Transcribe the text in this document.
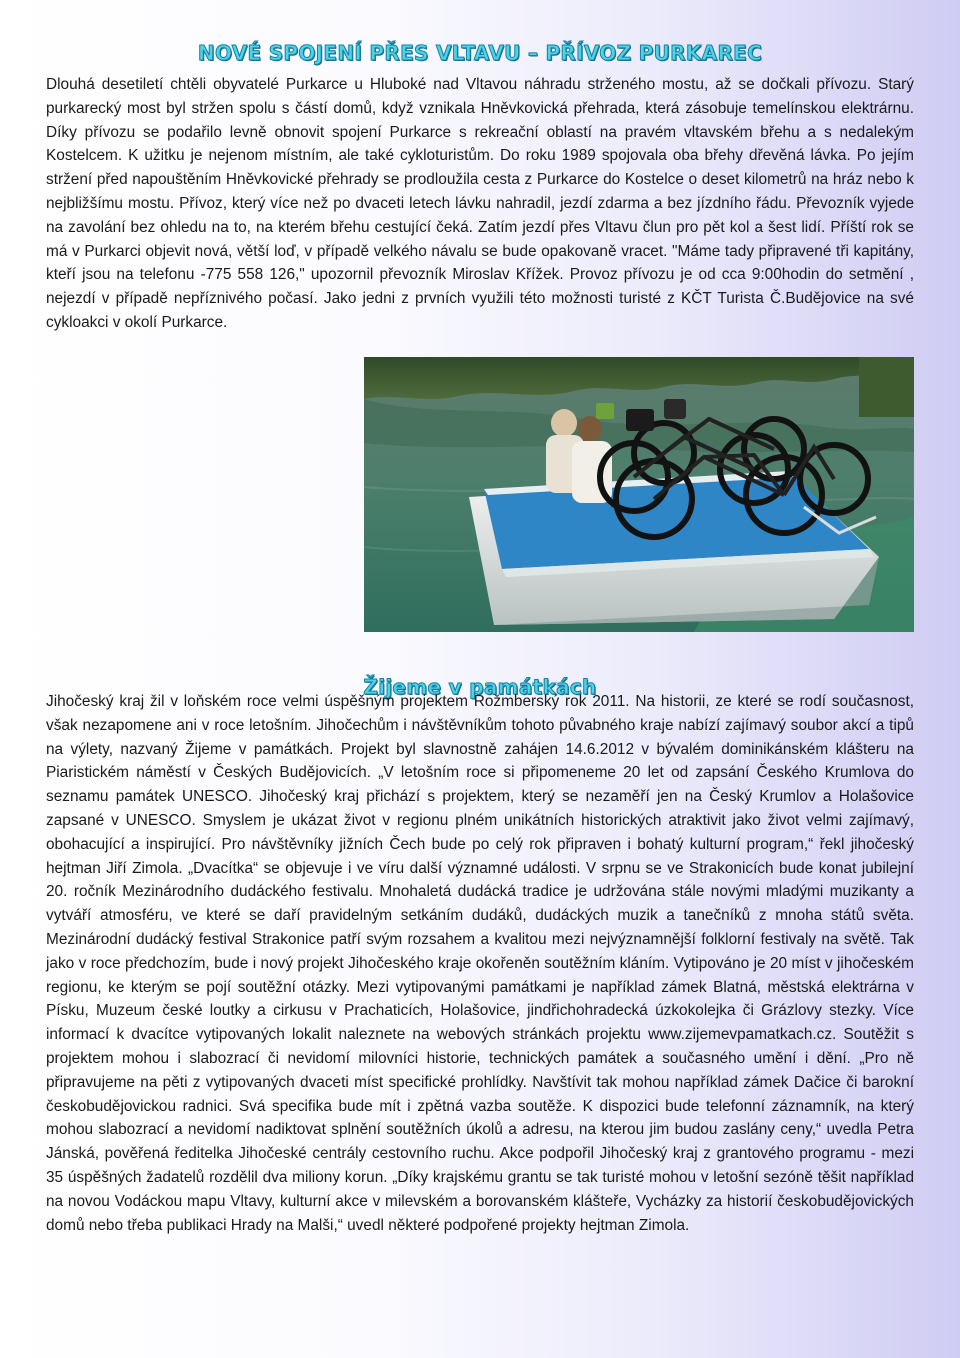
NOVÉ SPOJENÍ PŘES VLTAVU – PŘÍVOZ PURKAREC

Dlouhá desetiletí chtěli obyvatelé Purkarce u Hluboké nad Vltavou náhradu strženého mostu, až se dočkali přívozu. Starý purkarecký most byl stržen spolu s částí domů, když vznikala Hněvkovická přehrada, která zásobuje temelínskou elektrárnu. Díky přívozu se podařilo levně obnovit spojení Purkarce s rekreační oblastí na pravém vltavském břehu a s nedalekým Kostelcem. K užitku je nejenom místním, ale také cykloturistům. Do roku 1989 spojovala oba břehy dřevěná lávka. Po jejím stržení před napouštěním Hněvkovické přehrady se prodloužila cesta z Purkarce do Kostelce o deset kilometrů na hráz nebo k nejbližšímu mostu. Přívoz, který více než po dvaceti letech lávku nahradil, jezdí zdarma a bez jízdního řádu. Převozník vyjede na zavolání bez ohledu na to, na kterém břehu cestující čeká. Zatím jezdí přes Vltavu člun pro pět kol a šest lidí. Příští rok se má v Purkarci objevit nová, větší loď, v případě velkého návalu se bude opakovaně vracet. "Máme tady připravené tři kapitány, kteří jsou na telefonu -775 558 126," upozornil převozník Miroslav Křížek. Provoz přívozu je od cca 9:00hodin do setmění , nejezdí v případě nepříznivého počasí. Jako jedni z prvních využili této možnosti turisté z KČT Turista Č.Budějovice na své cykloakci v okolí Purkarce.

Žijeme v památkách

Jihočeský kraj žil v loňském roce velmi úspěšným projektem Rožmberský rok 2011. Na historii, ze které se rodí současnost, však nezapomene ani v roce letošním. Jihočechům i návštěvníkům tohoto půvabného kraje nabízí zajímavý soubor akcí a tipů na výlety, nazvaný Žijeme v památkách. Projekt byl slavnostně zahájen 14.6.2012 v bývalém dominikánském klášteru na Piaristickém náměstí v Českých Budějovicích. „V letošním roce si připomeneme 20 let od zapsání Českého Krumlova do seznamu památek UNESCO. Jihočeský kraj přichází s projektem, který se nezaměří jen na Český Krumlov a Holašovice zapsané v UNESCO. Smyslem je ukázat život v regionu plném unikátních historických atraktivit jako život velmi zajímavý, obohacující a inspirující. Pro návštěvníky jižních Čech bude po celý rok připraven i bohatý kulturní program,“ řekl jihočeský hejtman Jiří Zimola. „Dvacítka“ se objevuje i ve víru další významné události. V srpnu se ve Strakonicích bude konat jubilejní 20. ročník Mezinárodního dudáckého festivalu. Mnohaletá dudácká tradice je udržována stále novými mladými muzikanty a vytváří atmosféru, ve které se daří pravidelným setkáním dudáků, dudáckých muzik a tanečníků z mnoha států světa. Mezinárodní dudácký festival Strakonice patří svým rozsahem a kvalitou mezi nejvýznamnější folklorní festivaly na světě. Tak jako v roce předchozím, bude i nový projekt Jihočeského kraje okořeněn soutěžním kláním. Vytipováno je 20 míst v jihočeském regionu, ke kterým se pojí soutěžní otázky. Mezi vytipovanými památkami je například zámek Blatná, městská elektrárna v Písku, Muzeum české loutky a cirkusu v Prachaticích, Holašovice, jindřichohradecká úzkokolejka či Grázlovy stezky. Více informací k dvacítce vytipovaných lokalit naleznete na webových stránkách projektu www.zijemevpamatkach.cz. Soutěžit s projektem mohou i slabozrací či nevidomí milovníci historie, technických památek a současného umění i dění. „Pro ně připravujeme na pěti z vytipovaných dvaceti míst specifické prohlídky. Navštívit tak mohou například zámek Dačice či barokní českobudějovickou radnici. Svá specifika bude mít i zpětná vazba soutěže. K dispozici bude telefonní záznamník, na který mohou slabozrací a nevidomí nadiktovat splnění soutěžních úkolů a adresu, na kterou jim budou zaslány ceny,“ uvedla Petra Jánská, pověřená ředitelka Jihočeské centrály cestovního ruchu. Akce podpořil Jihočeský kraj z grantového programu - mezi 35 úspěšných žadatelů rozdělil dva miliony korun. „Díky krajskému grantu se tak turisté mohou v letošní sezóně těšit například na novou Vodáckou mapu Vltavy, kulturní akce v milevském a borovanském klášteře, Vycházky za historií českobudějovických domů nebo třeba publikaci Hrady na Malši,“ uvedl některé podpořené projekty hejtman Zimola.
